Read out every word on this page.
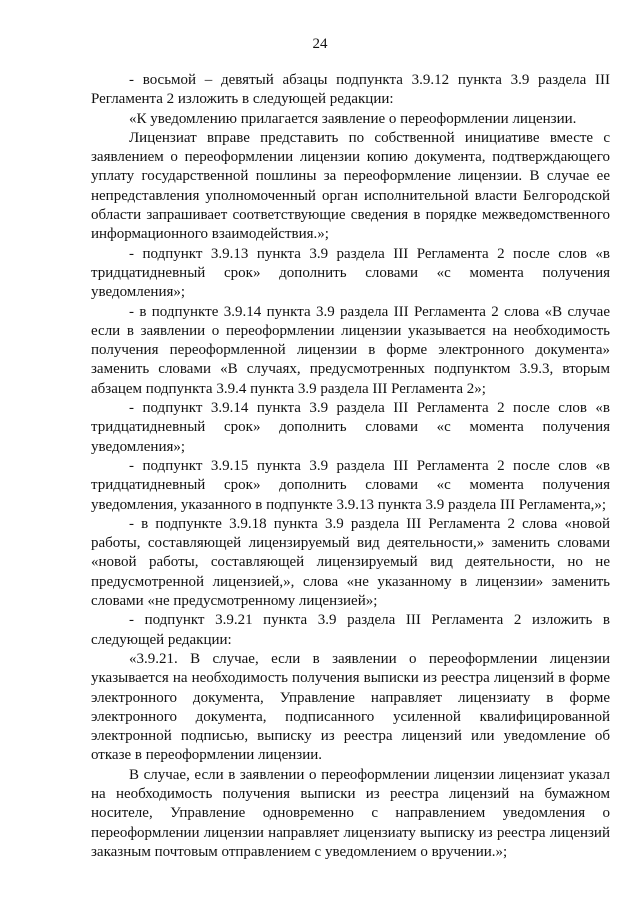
24

- восьмой – девятый абзацы подпункта 3.9.12 пункта 3.9 раздела III Регламента 2 изложить в следующей редакции:

«К уведомлению прилагается заявление о переоформлении лицензии.

Лицензиат вправе представить по собственной инициативе вместе с заявлением о переоформлении лицензии копию документа, подтверждающего уплату государственной пошлины за переоформление лицензии. В случае ее непредставления уполномоченный орган исполнительной власти Белгородской области запрашивает соответствующие сведения в порядке межведомственного информационного взаимодействия.»;

- подпункт 3.9.13 пункта 3.9 раздела III Регламента 2 после слов «в тридцатидневный срок» дополнить словами «с момента получения уведомления»;

- в подпункте 3.9.14 пункта 3.9 раздела III Регламента 2 слова «В случае если в заявлении о переоформлении лицензии указывается на необходимость получения переоформленной лицензии в форме электронного документа» заменить словами «В случаях, предусмотренных подпунктом 3.9.3, вторым абзацем подпункта 3.9.4 пункта 3.9 раздела III Регламента 2»;

- подпункт 3.9.14 пункта 3.9 раздела III Регламента 2 после слов «в тридцатидневный срок» дополнить словами «с момента получения уведомления»;

- подпункт 3.9.15 пункта 3.9 раздела III Регламента 2 после слов «в тридцатидневный срок» дополнить словами «с момента получения уведомления, указанного в подпункте 3.9.13 пункта 3.9 раздела III Регламента,»;

- в подпункте 3.9.18 пункта 3.9 раздела III Регламента 2 слова «новой работы, составляющей лицензируемый вид деятельности,» заменить словами «новой работы, составляющей лицензируемый вид деятельности, но не предусмотренной лицензией,», слова «не указанному в лицензии» заменить словами «не предусмотренному лицензией»;

- подпункт 3.9.21 пункта 3.9 раздела III Регламента 2 изложить в следующей редакции:

«3.9.21. В случае, если в заявлении о переоформлении лицензии указывается на необходимость получения выписки из реестра лицензий в форме электронного документа, Управление направляет лицензиату в форме электронного документа, подписанного усиленной квалифицированной электронной подписью, выписку из реестра лицензий или уведомление об отказе в переоформлении лицензии.

В случае, если в заявлении о переоформлении лицензии лицензиат указал на необходимость получения выписки из реестра лицензий на бумажном носителе, Управление одновременно с направлением уведомления о переоформлении лицензии направляет лицензиату выписку из реестра лицензий заказным почтовым отправлением с уведомлением о вручении.»;
